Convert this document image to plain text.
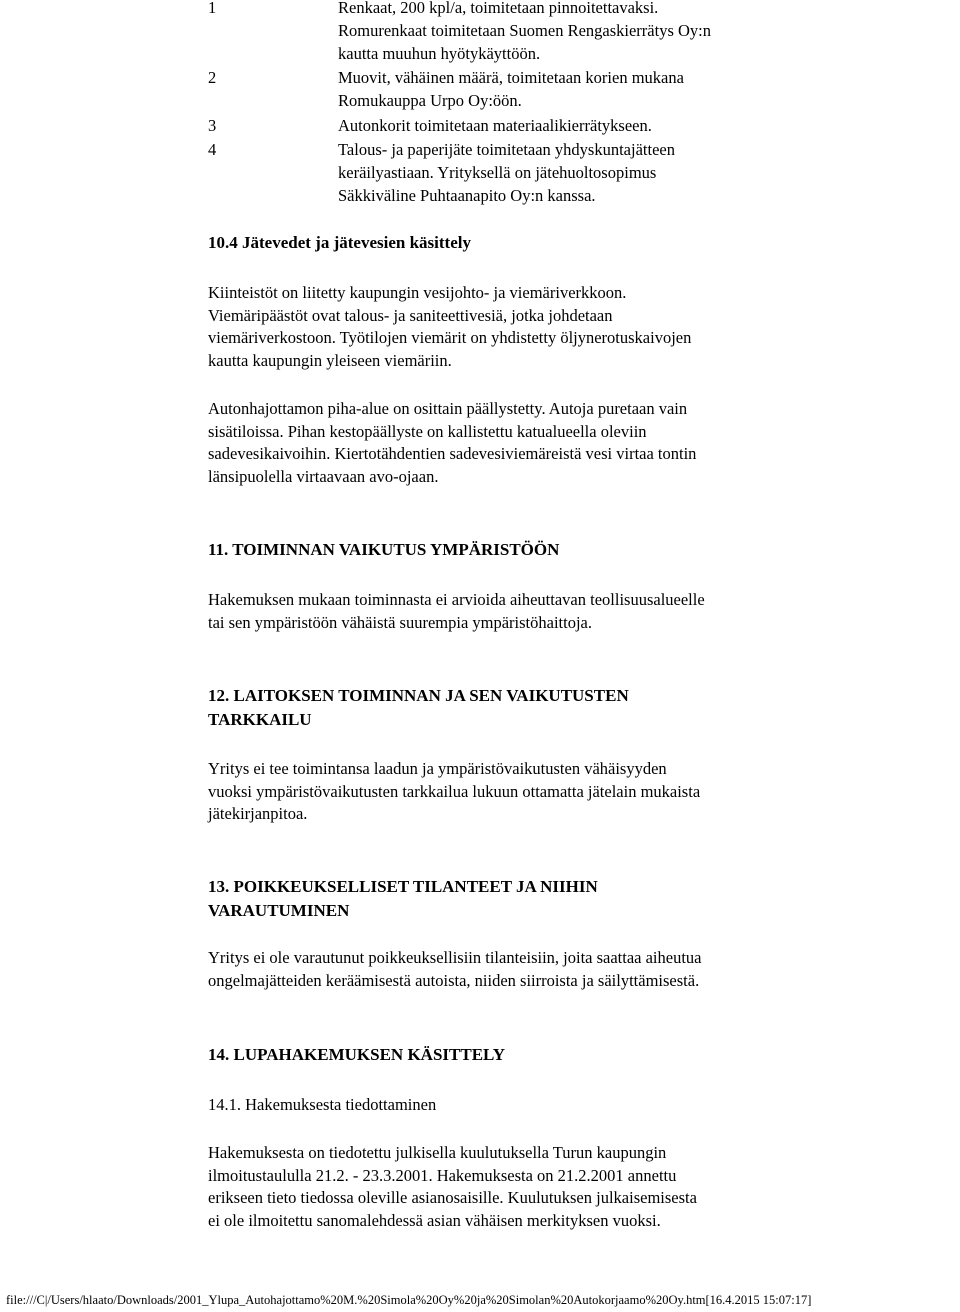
1	Renkaat, 200 kpl/a, toimitetaan pinnoitettavaksi.
Romurenkaat toimitetaan Suomen Rengaskierrätys Oy:n
kautta muuhun hyötykäyttöön.
2	Muovit, vähäinen määrä, toimitetaan korien mukana
Romukauppa Urpo Oy:öön.
3	Autonkorit toimitetaan materiaalikierrätykseen.
4	Talous- ja paperijäte toimitetaan yhdyskuntajätteen
keräilyastiaan. Yrityksellä on jätehuoltosopimus
Säkkiväline Puhtaanapito Oy:n kanssa.
10.4 Jätevedet ja jätevesien käsittely
Kiinteistöt on liitetty kaupungin vesijohto- ja viemäriverkkoon.
Viemäripäästöt ovat talous- ja saniteettivesiä, jotka johdetaan
viemäriverkostoon. Työtilojen viemärit on yhdistetty öljynerotuskaivojen
kautta kaupungin yleiseen viemäriin.
Autonhajottamon piha-alue on osittain päällystetty. Autoja puretaan vain
sisätiloissa. Pihan kestopäällyste on kallistettu katualueella oleviin
sadevesikaivoihin. Kiertotähdentien sadevesiviemäreistä vesi virtaa tontin
länsipuolella virtaavaan avo-ojaan.
11. TOIMINNAN VAIKUTUS YMPÄRISTÖÖN
Hakemuksen mukaan toiminnasta ei arvioida aiheuttavan teollisuusalueelle
tai sen ympäristöön vähäistä suurempia ympäristöhaittoja.
12. LAITOKSEN TOIMINNAN JA SEN VAIKUTUSTEN
TARKKAILU
Yritys ei tee toimintansa laadun ja ympäristövaikutusten vähäisyyden
vuoksi ympäristövaikutusten tarkkailua lukuun ottamatta jätelain mukaista
jätekirjanpitoa.
13. POIKKEUKSELLISET TILANTEET JA NIIHIN
VARAUTUMINEN
Yritys ei ole varautunut poikkeuksellisiin tilanteisiin, joita saattaa aiheutua
ongelmajätteiden keräämisestä autoista, niiden siirroista ja säilyttämisestä.
14. LUPAHAKEMUKSEN KÄSITTELY
14.1. Hakemuksesta tiedottaminen
Hakemuksesta on tiedotettu julkisella kuulutuksella Turun kaupungin
ilmoitustaululla 21.2. - 23.3.2001. Hakemuksesta on 21.2.2001 annettu
erikseen tieto tiedossa oleville asianosaisille. Kuulutuksen julkaisemisesta
ei ole ilmoitettu sanomalehdessä asian vähäisen merkityksen vuoksi.
file:///C|/Users/hlaato/Downloads/2001_Ylupa_Autohajottamo%20M.%20Simola%20Oy%20ja%20Simolan%20Autokorjaamo%20Oy.htm[16.4.2015 15:07:17]
